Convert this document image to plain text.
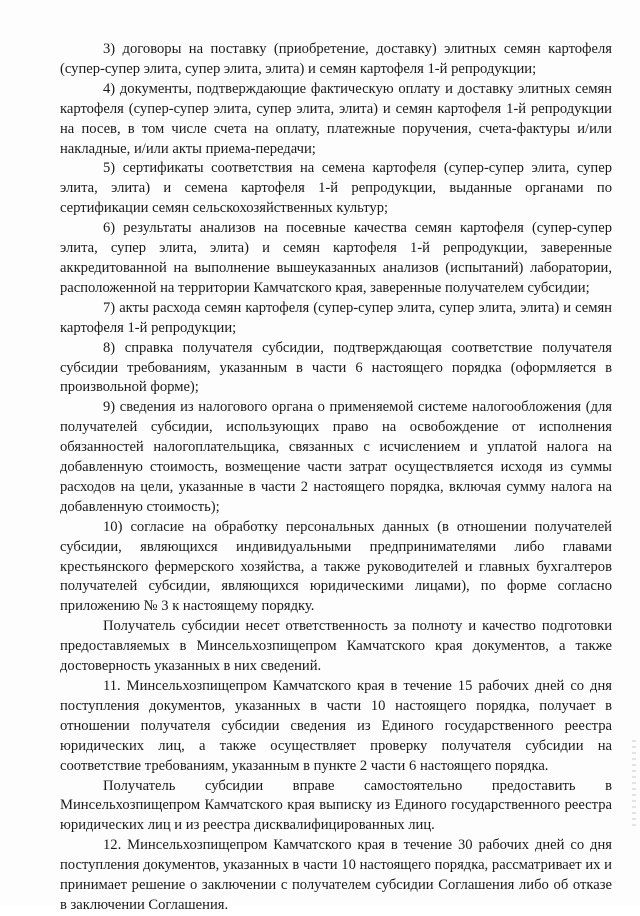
3) договоры на поставку (приобретение, доставку) элитных семян картофеля (супер-супер элита, супер элита, элита) и семян картофеля 1-й репродукции;

4) документы, подтверждающие фактическую оплату и доставку элитных семян картофеля (супер-супер элита, супер элита, элита) и семян картофеля 1-й репродукции на посев, в том числе счета на оплату, платежные поручения, счета-фактуры и/или накладные, и/или акты приема-передачи;

5) сертификаты соответствия на семена картофеля (супер-супер элита, супер элита, элита) и семена картофеля 1-й репродукции, выданные органами по сертификации семян сельскохозяйственных культур;

6) результаты анализов на посевные качества семян картофеля (супер-супер элита, супер элита, элита) и семян картофеля 1-й репродукции, заверенные аккредитованной на выполнение вышеуказанных анализов (испытаний) лаборатории, расположенной на территории Камчатского края, заверенные получателем субсидии;

7) акты расхода семян картофеля (супер-супер элита, супер элита, элита) и семян картофеля 1-й репродукции;

8) справка получателя субсидии, подтверждающая соответствие получателя субсидии требованиям, указанным в части 6 настоящего порядка (оформляется в произвольной форме);

9) сведения из налогового органа о применяемой системе налогообложения (для получателей субсидии, использующих право на освобождение от исполнения обязанностей налогоплательщика, связанных с исчислением и уплатой налога на добавленную стоимость, возмещение части затрат осуществляется исходя из суммы расходов на цели, указанные в части 2 настоящего порядка, включая сумму налога на добавленную стоимость);

10) согласие на обработку персональных данных (в отношении получателей субсидии, являющихся индивидуальными предпринимателями либо главами крестьянского фермерского хозяйства, а также руководителей и главных бухгалтеров получателей субсидии, являющихся юридическими лицами), по форме согласно приложению № 3 к настоящему порядку.

Получатель субсидии несет ответственность за полноту и качество подготовки предоставляемых в Минсельхозпищепром Камчатского края документов, а также достоверность указанных в них сведений.

11. Минсельхозпищепром Камчатского края в течение 15 рабочих дней со дня поступления документов, указанных в части 10 настоящего порядка, получает в отношении получателя субсидии сведения из Единого государственного реестра юридических лиц, а также осуществляет проверку получателя субсидии на соответствие требованиям, указанным в пункте 2 части 6 настоящего порядка.

Получатель субсидии вправе самостоятельно предоставить в Минсельхозпищепром Камчатского края выписку из Единого государственного реестра юридических лиц и из реестра дисквалифицированных лиц.

12. Минсельхозпищепром Камчатского края в течение 30 рабочих дней со дня поступления документов, указанных в части 10 настоящего порядка, рассматривает их и принимает решение о заключении с получателем субсидии Соглашения либо об отказе в заключении Соглашения.
